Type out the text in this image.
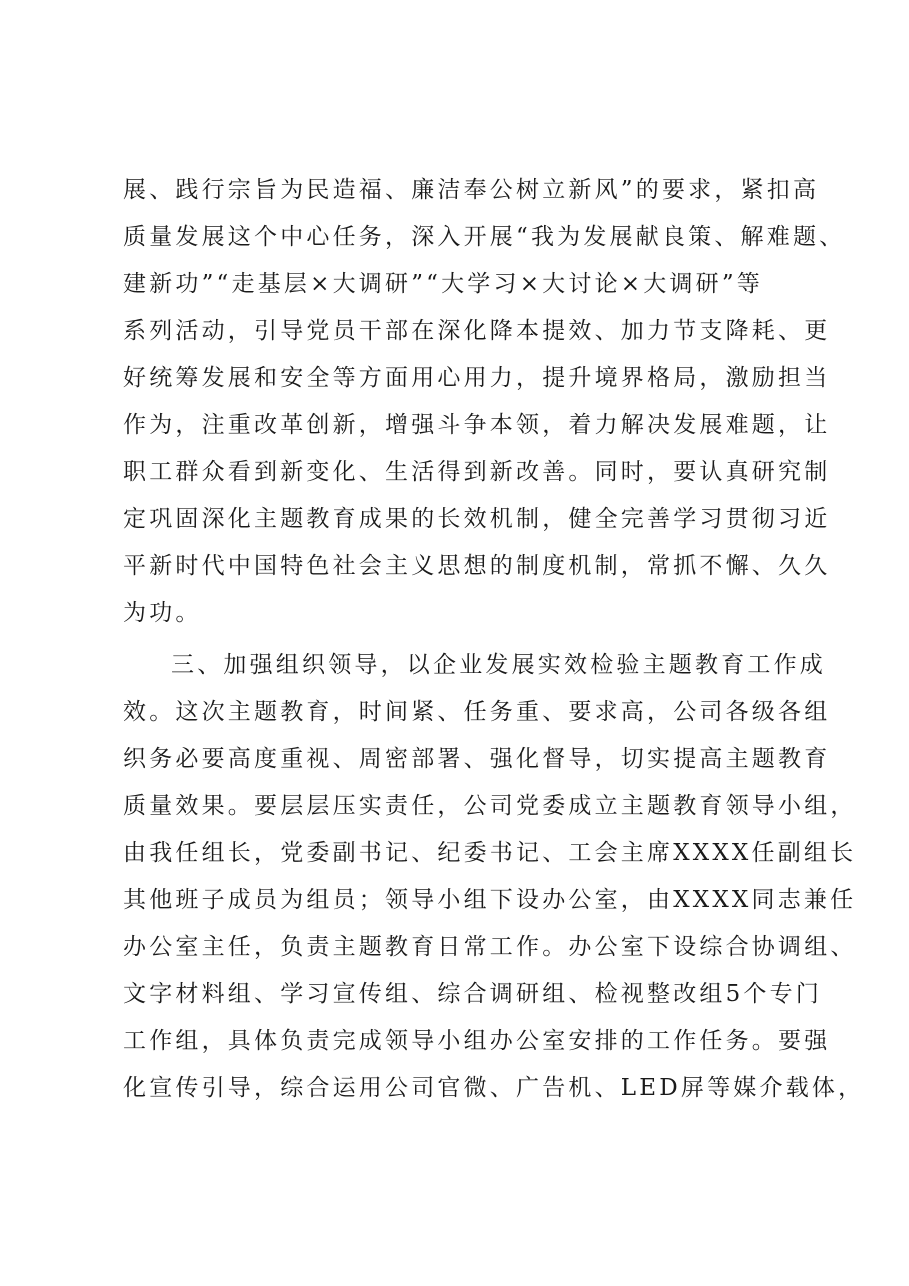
展、践行宗旨为民造福、廉洁奉公树立新风”的要求，紧扣高
质量发展这个中心任务，深入开展“我为发展献良策、解难题、
建新功”“走基层×大调研”“大学习×大讨论×大调研”等
系列活动，引导党员干部在深化降本提效、加力节支降耗、更
好统筹发展和安全等方面用心用力，提升境界格局，激励担当
作为，注重改革创新，增强斗争本领，着力解决发展难题，让
职工群众看到新变化、生活得到新改善。同时，要认真研究制
定巩固深化主题教育成果的长效机制，健全完善学习贯彻习近
平新时代中国特色社会主义思想的制度机制，常抓不懈、久久
为功。
三、加强组织领导，以企业发展实效检验主题教育工作成
效。这次主题教育，时间紧、任务重、要求高，公司各级各组
织务必要高度重视、周密部署、强化督导，切实提高主题教育
质量效果。要层层压实责任，公司党委成立主题教育领导小组，
由我任组长，党委副书记、纪委书记、工会主席XXXX任副组长
其他班子成员为组员；领导小组下设办公室，由XXXX同志兼任
办公室主任，负责主题教育日常工作。办公室下设综合协调组、
文字材料组、学习宣传组、综合调研组、检视整改组5个专门
工作组，具体负责完成领导小组办公室安排的工作任务。要强
化宣传引导，综合运用公司官微、广告机、LED屏等媒介载体，
